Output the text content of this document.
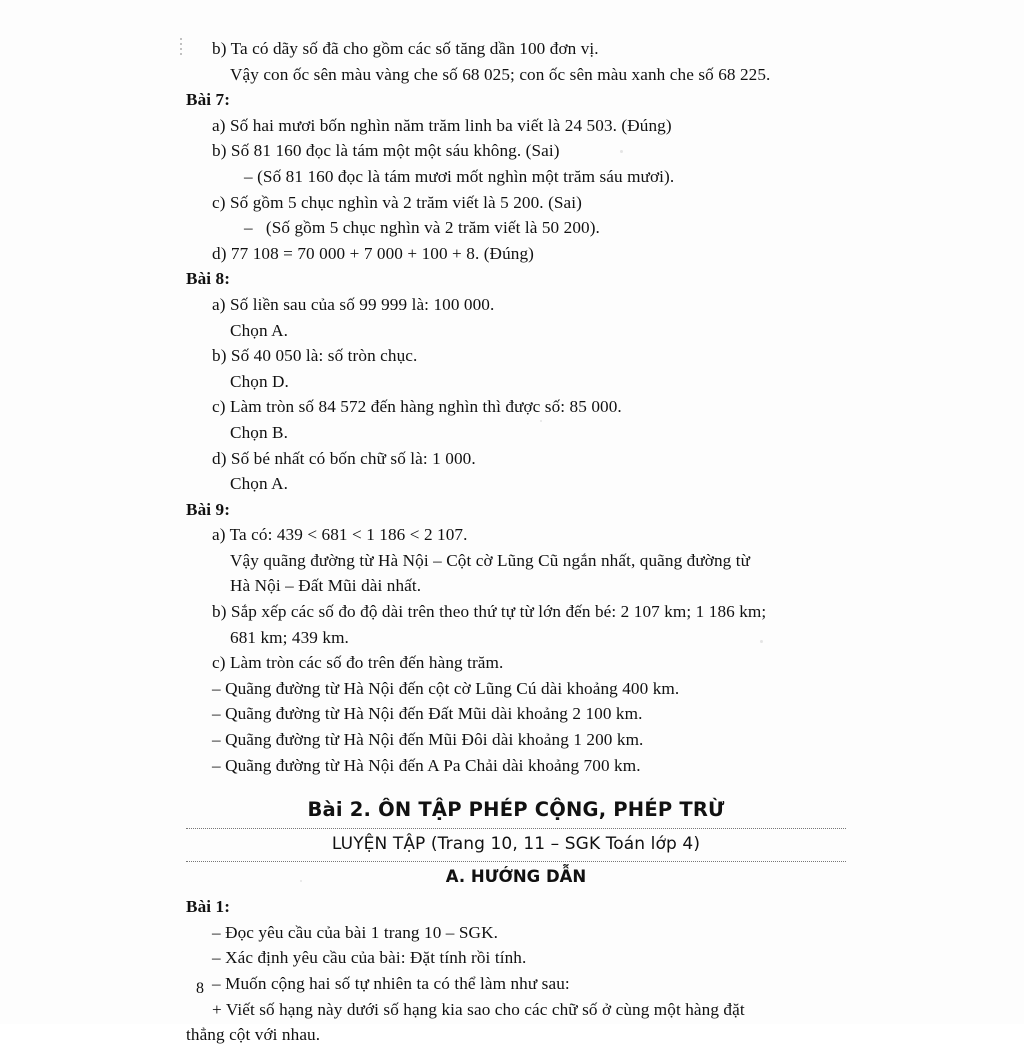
b) Ta có dãy số đã cho gồm các số tăng dần 100 đơn vị.
Vậy con ốc sên màu vàng che số 68 025; con ốc sên màu xanh che số 68 225.
Bài 7:
a) Số hai mươi bốn nghìn năm trăm linh ba viết là 24 503. (Đúng)
b) Số 81 160 đọc là tám một một sáu không. (Sai)
– (Số 81 160 đọc là tám mươi mốt nghìn một trăm sáu mươi).
c) Số gồm 5 chục nghìn và 2 trăm viết là 5 200. (Sai)
–   (Số gồm 5 chục nghìn và 2 trăm viết là 50 200).
d) 77 108 = 70 000 + 7 000 + 100 + 8. (Đúng)
Bài 8:
a) Số liền sau của số 99 999 là: 100 000.
Chọn A.
b) Số 40 050 là: số tròn chục.
Chọn D.
c) Làm tròn số 84 572 đến hàng nghìn thì được số: 85 000.
Chọn B.
d) Số bé nhất có bốn chữ số là: 1 000.
Chọn A.
Bài 9:
a) Ta có: 439 < 681 < 1 186 < 2 107.
Vậy quãng đường từ Hà Nội – Cột cờ Lũng Cũ ngắn nhất, quãng đường từ
Hà Nội – Đất Mũi dài nhất.
b) Sắp xếp các số đo độ dài trên theo thứ tự từ lớn đến bé: 2 107 km; 1 186 km;
681 km; 439 km.
c) Làm tròn các số đo trên đến hàng trăm.
– Quãng đường từ Hà Nội đến cột cờ Lũng Cú dài khoảng 400 km.
– Quãng đường từ Hà Nội đến Đất Mũi dài khoảng 2 100 km.
– Quãng đường từ Hà Nội đến Mũi Đôi dài khoảng 1 200 km.
– Quãng đường từ Hà Nội đến A Pa Chải dài khoảng 700 km.
Bài 2. ÔN TẬP PHÉP CỘNG, PHÉP TRỪ
LUYỆN TẬP (Trang 10, 11 – SGK Toán lớp 4)
A. HƯỚNG DẪN
Bài 1:
– Đọc yêu cầu của bài 1 trang 10 – SGK.
– Xác định yêu cầu của bài: Đặt tính rồi tính.
– Muốn cộng hai số tự nhiên ta có thể làm như sau:
+ Viết số hạng này dưới số hạng kia sao cho các chữ số ở cùng một hàng đặt
thẳng cột với nhau.
8
